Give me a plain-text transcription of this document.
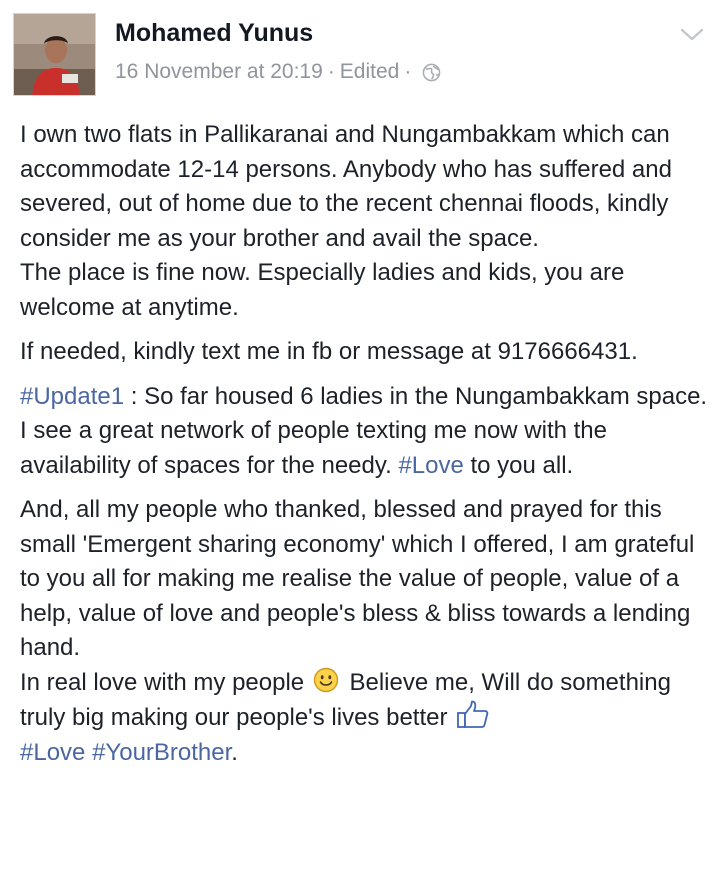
Mohamed Yunus
16 November at 20:19 · Edited ·

I own two flats in Pallikaranai and Nungambakkam which can accommodate 12-14 persons. Anybody who has suffered and severed, out of home due to the recent chennai floods, kindly consider me as your brother and avail the space.

The place is fine now. Especially ladies and kids, you are welcome at anytime.

If needed, kindly text me in fb or message at 9176666431.

#Update1 : So far housed 6 ladies in the Nungambakkam space. I see a great network of people texting me now with the availability of spaces for the needy. #Love to you all.

And, all my people who thanked, blessed and prayed for this small 'Emergent sharing economy' which I offered, I am grateful to you all for making me realise the value of people, value of a help, value of love and people's bless & bliss towards a lending hand.

In real love with my people  Believe me, Will do something truly big making our people's lives better
#Love #YourBrother.
